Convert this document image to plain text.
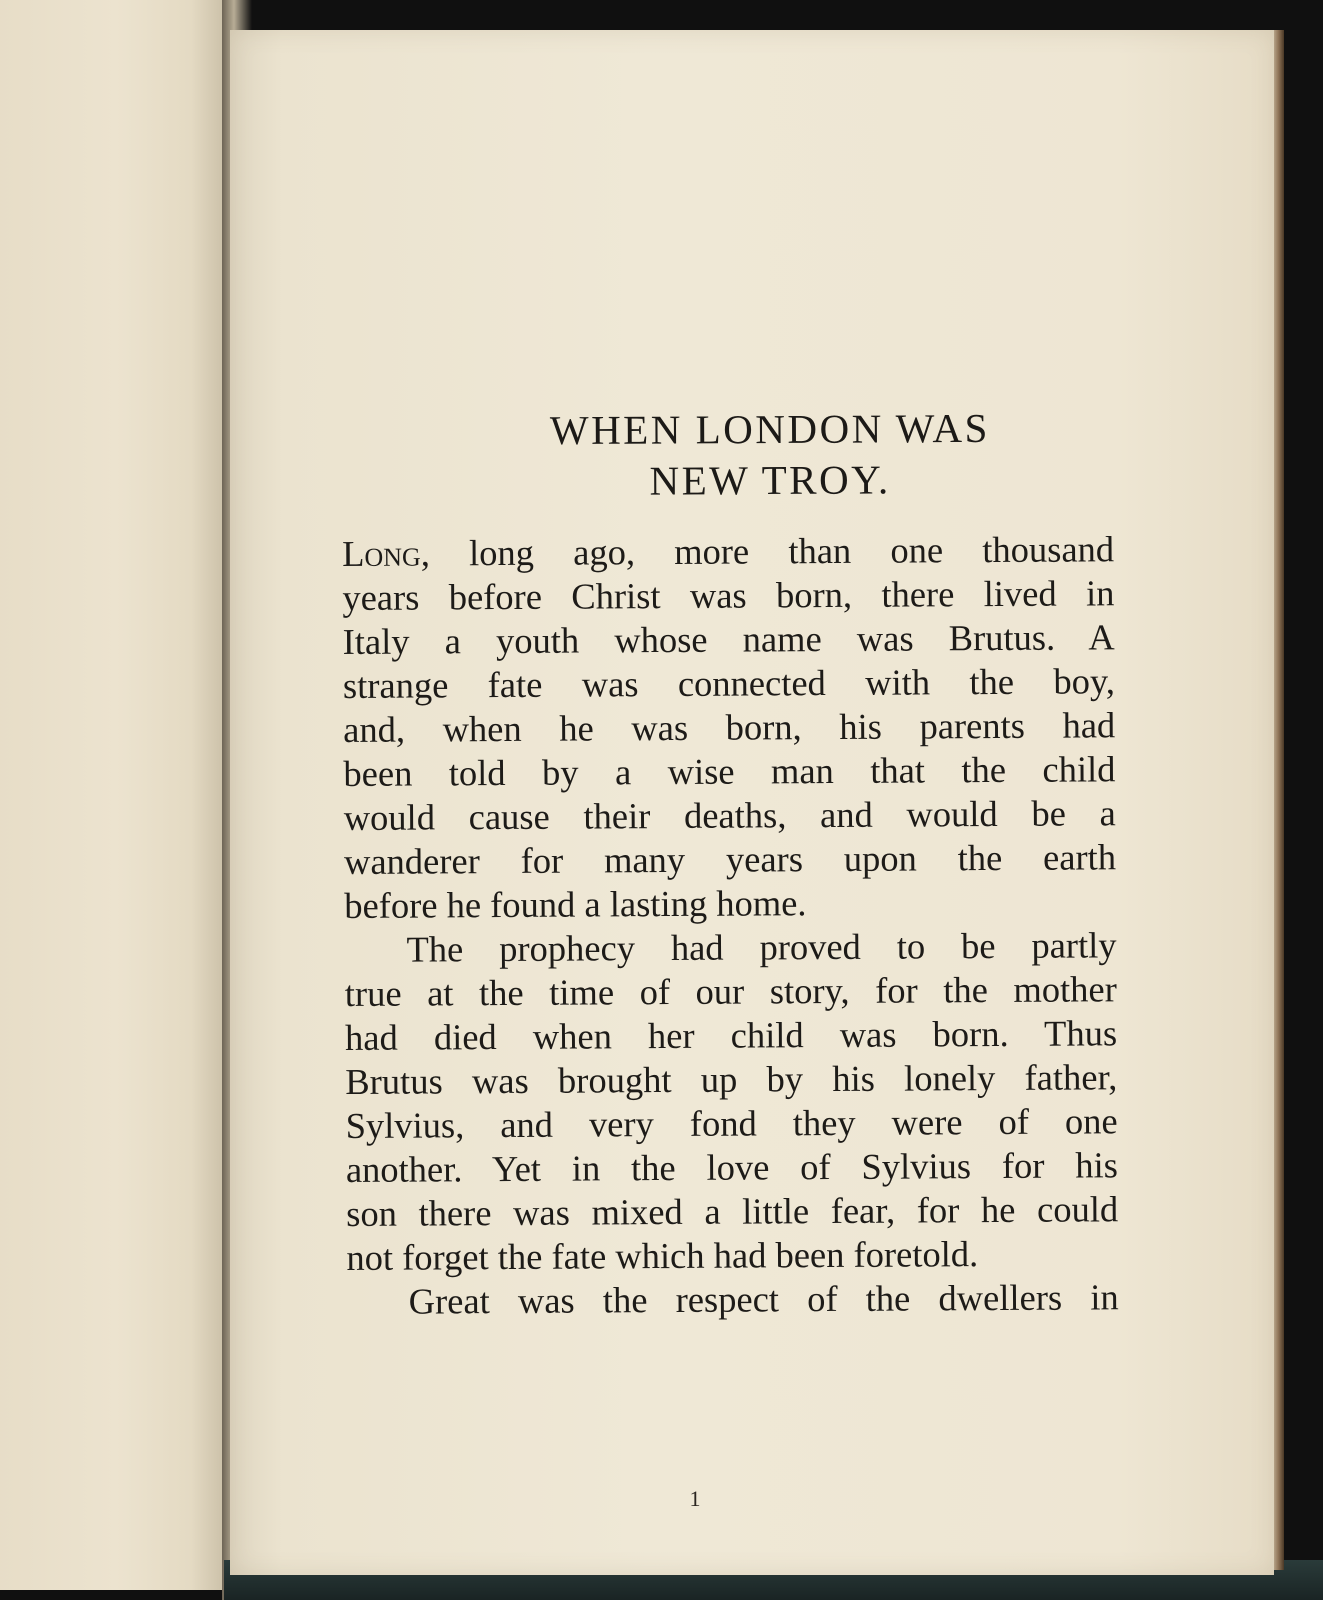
WHEN LONDON WAS
NEW TROY.
Long, long ago, more than one thousand
years before Christ was born, there lived in
Italy a youth whose name was Brutus. A
strange fate was connected with the boy,
and, when he was born, his parents had
been told by a wise man that the child
would cause their deaths, and would be a
wanderer for many years upon the earth
before he found a lasting home.
The prophecy had proved to be partly
true at the time of our story, for the mother
had died when her child was born. Thus
Brutus was brought up by his lonely father,
Sylvius, and very fond they were of one
another. Yet in the love of Sylvius for his
son there was mixed a little fear, for he could
not forget the fate which had been foretold.
Great was the respect of the dwellers in
1
